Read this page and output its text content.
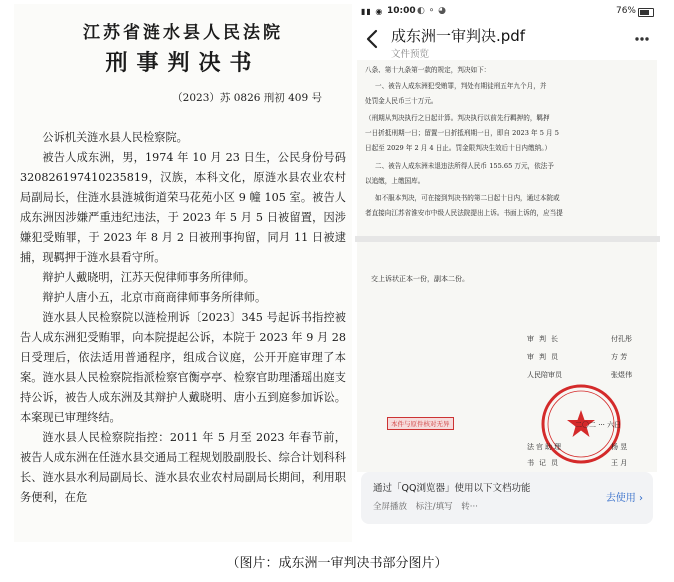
江苏省涟水县人民法院
刑事判决书
（2023）苏 0826 刑初 409 号

公诉机关涟水县人民检察院。

被告人成东洲，男，1974 年 10 月 23 日生，公民身份号码 320826197410235819，汉族，本科文化，原涟水县农业农村局副局长，住涟水县涟城街道荣马花苑小区 9 幢 105 室。被告人成东洲因涉嫌严重违纪违法，于 2023 年 5 月 5 日被留置，因涉嫌犯受贿罪，于 2023 年 8 月 2 日被刑事拘留，同月 11 日被逮捕，现羁押于涟水县看守所。

辩护人戴晓明，江苏天倪律师事务所律师。

辩护人唐小五，北京市商商律师事务所律师。

涟水县人民检察院以涟检刑诉〔2023〕345 号起诉书指控被告人成东洲犯受贿罪，向本院提起公诉，本院于 2023 年 9 月 28 日受理后，依法适用普通程序，组成合议庭，公开开庭审理了本案。涟水县人民检察院指派检察官衡亭亭、检察官助理潘瑶出庭支持公诉，被告人成东洲及其辩护人戴晓明、唐小五到庭参加诉讼。本案现已审理终结。

涟水县人民检察院指控：2011 年 5 月至 2023 年春节前，被告人成东洲在任涟水县交通局工程规划股副股长、综合计划科科长、涟水县水利局副局长、涟水县农业农村局副局长期间，利用职务便利，在危

▮▮ ◉ 10:00 ◐ ⚬ ◕	76%
成东洲一审判决.pdf
文件预览
八条、第十九条第一款的规定，判决如下：
一、被告人成东洲犯受贿罪，判处有期徒刑五年九个月，并
处罚金人民币三十万元。
（刑期从判决执行之日起计算。判决执行以前先行羁押的，羁押
一日折抵刑期一日；留置一日折抵刑期一日，即自 2023 年 5 月 5
日起至 2029 年 2 月 4 日止。罚金限判决生效后十日内缴纳。）
二、被告人成东洲未退违法所得人民币 155.65 万元，依法予
以追缴，上缴国库。
如不服本判决，可在接到判决书的第二日起十日内，通过本院或
者直接向江苏省淮安市中级人民法院提出上诉。书面上诉的，应当提
交上诉状正本一份，副本二份。
审判长	付孔彤
审判员	方 芳
人民陪审员	张煜伟
二〇二 ··· 六日
本件与原件核对无异
法官助理	杨 昱
书记员	王 月
通过「QQ浏览器」使用以下文档功能
全屏播放 标注/填写 转···
去使用 ›
（图片：成东洲一审判决书部分图片）
